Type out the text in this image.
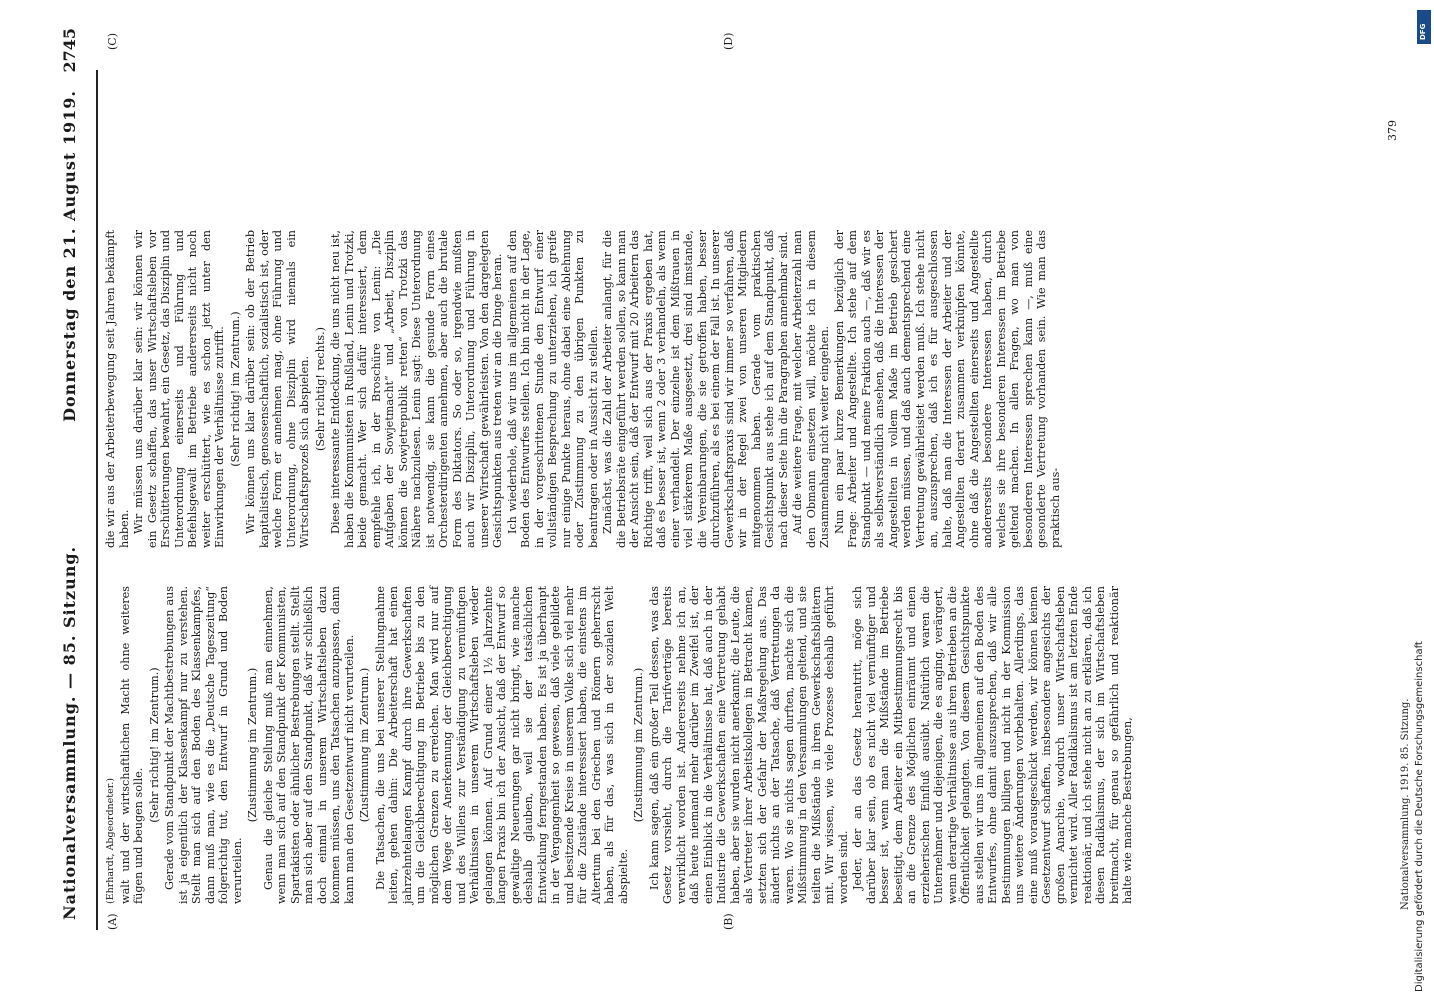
Nationalversammlung. — 85. Sitzung.
Donnerstag den 21. August 1919.
2745
(A)	(B)
(C)	(D)

(Ehrhardt, Abgeordneter.) walt und der wirtschaftlichen Macht ohne weiteres fügen und beugen solle.

(Sehr richtig! im Zentrum.) Gerade vom Standpunkt der Machtbestrebungen aus ist ja eigentlich der Klassenkampf nur zu verstehen. Stellt man sich auf den Boden des Klassenkampfes, dann muß man, wie es die „Deutsche Tageszeitung“ folgerichtig tut, den Entwurf in Grund und Boden verurteilen.

(Zustimmung im Zentrum.) Genau die gleiche Stellung muß man einnehmen, wenn man sich auf den Standpunkt der Kommunisten, Spartakisten oder ähnlicher Bestrebungen stellt. Stellt man sich aber auf den Standpunkt, daß wir schließlich doch einmal in unserem Wirtschaftsleben dazu kommen müssen, uns den Tatsachen anzupassen, dann kann man den Gesetzentwurf nicht verurteilen. (Zustimmung im Zentrum.) Die Tatsachen, die uns bei unserer Stellungnahme leiten, gehen dahin: Die Arbeiterschaft hat einen jahrzehntelangen Kampf durch ihre Gewerkschaften um die Gleichberechtigung im Betriebe bis zu den möglichen Grenzen zu erreichen. Man wird nur auf dem Wege der Anerkennung der Gleichberechtigung und des Willens zur Verständigung zu vernünftigen Verhältnissen in unserem Wirtschaftsleben wieder gelangen können. Auf Grund einer 1½ Jahrzehnte langen Praxis bin ich der Ansicht, daß der Entwurf so gewaltige Neuerungen gar nicht bringt, wie manche deshalb glauben, weil sie der tatsächlichen Entwicklung ferngestanden haben. Es ist ja überhaupt in der Vergangenheit so gewesen, daß viele gebildete und besitzende Kreise in unserem Volke sich viel mehr für die Zustände interessiert haben, die einstens im Altertum bei den Griechen und Römern geherrscht haben, als für das, was sich in der sozialen Welt abspielte.

(Zustimmung im Zentrum.) Ich kann sagen, daß ein großer Teil dessen, was das Gesetz vorsieht, durch die Tarifverträge bereits verwirklicht worden ist. Andererseits nehme ich an, daß heute niemand mehr darüber im Zweifel ist, der einen Einblick in die Verhältnisse hat, daß auch in der Industrie die Gewerkschaften eine Vertretung gehabt haben, aber sie wurden nicht anerkannt; die Leute, die als Vertreter ihrer Arbeitskollegen in Betracht kamen, setzten sich der Gefahr der Maßregelung aus. Das ändert nichts an der Tatsache, daß Vertretungen da waren. Wo sie nichts sagen durften, machte sich die Mißstimmung in den Versammlungen geltend, und sie teilten die Mißstände in ihren Gewerkschaftsblättern mit. Wir wissen, wie viele Prozesse deshalb geführt worden sind. Jeder, der an das Gesetz herantritt, möge sich darüber klar sein, ob es nicht viel vernünftiger und besser ist, wenn man die Mißstände im Betriebe beseitigt, dem Arbeiter ein Mitbestimmungsrecht bis an die Grenze des Möglichen einräumt und einen erzieherischen Einfluß ausübt. Natürlich waren die Unternehmer und diejenigen, die es anging, verärgert, wenn derartige Verhältnisse aus ihren Betrieben an die Öffentlichkeit gelangten. Von diesem Gesichtspunkte aus stellen wir uns im allgemeinen auf den Boden des Entwurfes, ohne damit auszusprechen, daß wir alle Bestimmungen billigen und nicht in der Kommission uns weitere Änderungen vorbehalten. Allerdings, das eine muß vorausgeschickt werden, wir können keinen Gesetzentwurf schaffen, insbesondere angesichts der großen Anarchie, wodurch unser Wirtschaftsleben vernichtet wird. Aller Radikalismus ist am letzten Ende reaktionär, und ich stehe nicht an zu erklären, daß ich diesen Radikalismus, der sich im Wirtschaftsleben breitmacht, für genau so gefährlich und reaktionär halte wie manche Bestrebungen,

die wir aus der Arbeiterbewegung seit Jahren bekämpft haben. Wir müssen uns darüber klar sein: wir können wir ein Gesetz schaffen, das unser Wirtschaftsleben vor Erschütterungen bewahrt, ein Gesetz, das Disziplin und Unterordnung einerseits und Führung und Befehlsgewalt im Betriebe andererseits nicht noch weiter erschüttert, wie es schon jetzt unter den Einwirkungen der Verhältnisse zutrifft. (Sehr richtig! im Zentrum.) Wir können uns klar darüber sein: ob der Betrieb kapitalistisch, genossenschaftlich, sozialistisch ist, oder welche Form er annehmen mag, ohne Führung und Unterordnung, ohne Disziplin wird niemals ein Wirtschaftsprozeß sich abspielen. (Sehr richtig! rechts.) Diese interessante Entdeckung, die uns nicht neu ist, haben die Kommunisten in Rußland, Lenin und Trotzki, beide gemacht. Wer sich dafür interessiert, dem empfehle ich, in der Broschüre von Lenin: „Die Aufgaben der Sowjetmacht“ und „Arbeit, Disziplin können die Sowjetrepublik retten“ von Trotzki das Nähere nachzulesen. Lenin sagt: Diese Unterordnung ist notwendig, sie kann die gesunde Form eines Orchesterdirigenten annehmen, aber auch die brutale Form des Diktators. So oder so, irgendwie mußten auch wir Disziplin, Unterordnung und Führung in unserer Wirtschaft gewährleisten. Von den dargelegten Gesichtspunkten aus treten wir an die Dinge heran. Ich wiederhole, daß wir uns im allgemeinen auf den Boden des Entwurfes stellen. Ich bin nicht in der Lage, in der vorgeschrittenen Stunde den Entwurf einer vollständigen Besprechung zu unterziehen, ich greife nur einige Punkte heraus, ohne dabei eine Ablehnung oder Zustimmung zu den übrigen Punkten zu beantragen oder in Aussicht zu stellen. Zunächst, was die Zahl der Arbeiter anlangt, für die die Betriebsräte eingeführt werden sollen, so kann man der Ansicht sein, daß der Entwurf mit 20 Arbeitern das Richtige trifft, weil sich aus der Praxis ergeben hat, daß es besser ist, wenn 2 oder 3 verhandeln, als wenn einer verhandelt. Der einzelne ist dem Mißtrauen in viel stärkerem Maße ausgesetzt, drei sind imstande, die Vereinbarungen, die sie getroffen haben, besser durchzuführen, als es bei einem der Fall ist. In unserer Gewerkschaftspraxis sind wir immer so verfahren, daß wir in der Regel zwei von unseren Mitgliedern mitgenommen haben. Gerade vom praktischen Gesichtspunkt aus stehe ich auf dem Standpunkt, daß nach dieser Seite hin die Paragraphen annehmbar sind. Auf die weitere Frage, mit welcher Arbeiterzahl man den Obmann einsetzen will, möchte ich in diesem Zusammenhang nicht weiter eingehen. Nun ein paar kurze Bemerkungen bezüglich der Frage: Arbeiter und Angestellte. Ich stehe auf dem Standpunkt — und meine Fraktion auch —, daß wir es als selbstverständlich ansehen, daß die Interessen der Angestellten in vollem Maße im Betrieb gesichert werden müssen, und daß auch dementsprechend eine Vertretung gewährleistet werden muß. Ich stehe nicht an, auszusprechen, daß ich es für ausgeschlossen halte, daß man die Interessen der Arbeiter und der Angestellten derart zusammen verknüpfen könnte, ohne daß die Angestellten einerseits und Angestellte andererseits besondere Interessen haben, durch welches sie ihre besonderen Interessen im Betriebe geltend machen. In allen Fragen, wo man von besonderen Interessen sprechen kann —, muß eine gesonderte Vertretung vorhanden sein. Wie man das praktisch aus-

Nationalversammlung. 1919. 85. Sitzung.
379
Digitalisierung gefördert durch die Deutsche Forschungsgemeinschaft
DFG
